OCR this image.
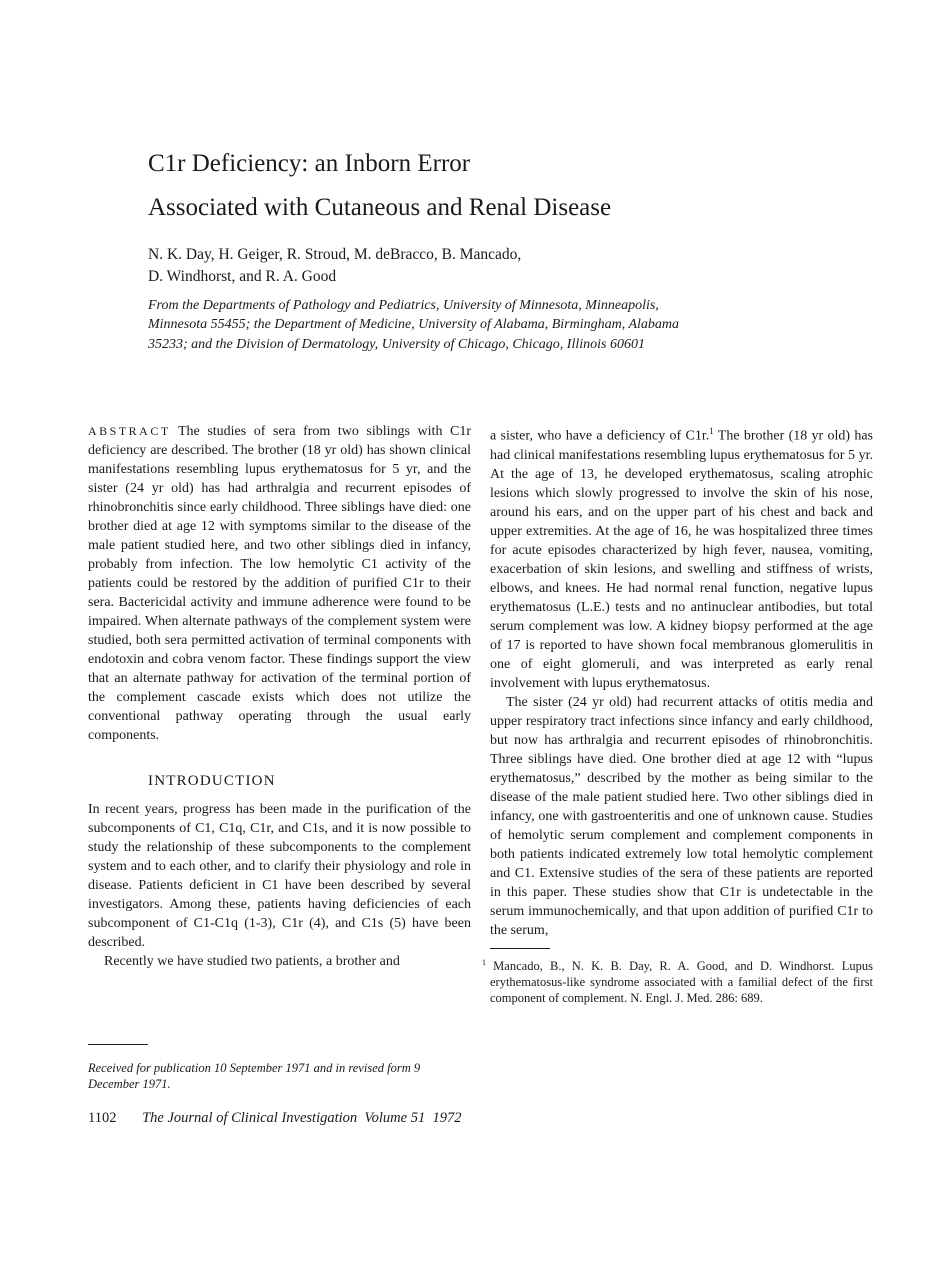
C1r Deficiency: an Inborn Error
Associated with Cutaneous and Renal Disease
N. K. Day, H. Geiger, R. Stroud, M. deBracco, B. Mancado,
D. Windhorst, and R. A. Good
From the Departments of Pathology and Pediatrics, University of Minnesota, Minneapolis, Minnesota 55455; the Department of Medicine, University of Alabama, Birmingham, Alabama 35233; and the Division of Dermatology, University of Chicago, Chicago, Illinois 60601

ABSTRACT The studies of sera from two siblings with C1r deficiency are described. The brother (18 yr old) has shown clinical manifestations resembling lupus erythematosus for 5 yr, and the sister (24 yr old) has had arthralgia and recurrent episodes of rhinobronchitis since early childhood. Three siblings have died: one brother died at age 12 with symptoms similar to the disease of the male patient studied here, and two other siblings died in infancy, probably from infection. The low hemolytic C1 activity of the patients could be restored by the addition of purified C1r to their sera. Bactericidal activity and immune adherence were found to be impaired. When alternate pathways of the complement system were studied, both sera permitted activation of terminal components with endotoxin and cobra venom factor. These findings support the view that an alternate pathway for activation of the terminal portion of the complement cascade exists which does not utilize the conventional pathway operating through the usual early components.

INTRODUCTION

In recent years, progress has been made in the purification of the subcomponents of C1, C1q, C1r, and C1s, and it is now possible to study the relationship of these subcomponents to the complement system and to each other, and to clarify their physiology and role in disease. Patients deficient in C1 have been described by several investigators. Among these, patients having deficiencies of each subcomponent of C1-C1q (1-3), C1r (4), and C1s (5) have been described.

Recently we have studied two patients, a brother and

Received for publication 10 September 1971 and in revised form 9 December 1971.

a sister, who have a deficiency of C1r.$^1$ The brother (18 yr old) has had clinical manifestations resembling lupus erythematosus for 5 yr. At the age of 13, he developed erythematosus, scaling atrophic lesions which slowly progressed to involve the skin of his nose, around his ears, and on the upper part of his chest and back and upper extremities. At the age of 16, he was hospitalized three times for acute episodes characterized by high fever, nausea, vomiting, exacerbation of skin lesions, and swelling and stiffness of wrists, elbows, and knees. He had normal renal function, negative lupus erythematosus (L.E.) tests and no antinuclear antibodies, but total serum complement was low. A kidney biopsy performed at the age of 17 is reported to have shown focal membranous glomerulitis in one of eight glomeruli, and was interpreted as early renal involvement with lupus erythematosus.

The sister (24 yr old) had recurrent attacks of otitis media and upper respiratory tract infections since infancy and early childhood, but now has arthralgia and recurrent episodes of rhinobronchitis. Three siblings have died. One brother died at age 12 with “lupus erythematosus,” described by the mother as being similar to the disease of the male patient studied here. Two other siblings died in infancy, one with gastroenteritis and one of unknown cause. Studies of hemolytic serum complement and complement components in both patients indicated extremely low total hemolytic complement and C1. Extensive studies of the sera of these patients are reported in this paper. These studies show that C1r is undetectable in the serum immunochemically, and that upon addition of purified C1r to the serum,

$^1$ Mancado, B., N. K. B. Day, R. A. Good, and D. Windhorst. Lupus erythematosus-like syndrome associated with a familial defect of the first component of complement. N. Engl. J. Med. 286: 689.

1102 The Journal of Clinical Investigation  Volume 51  1972
